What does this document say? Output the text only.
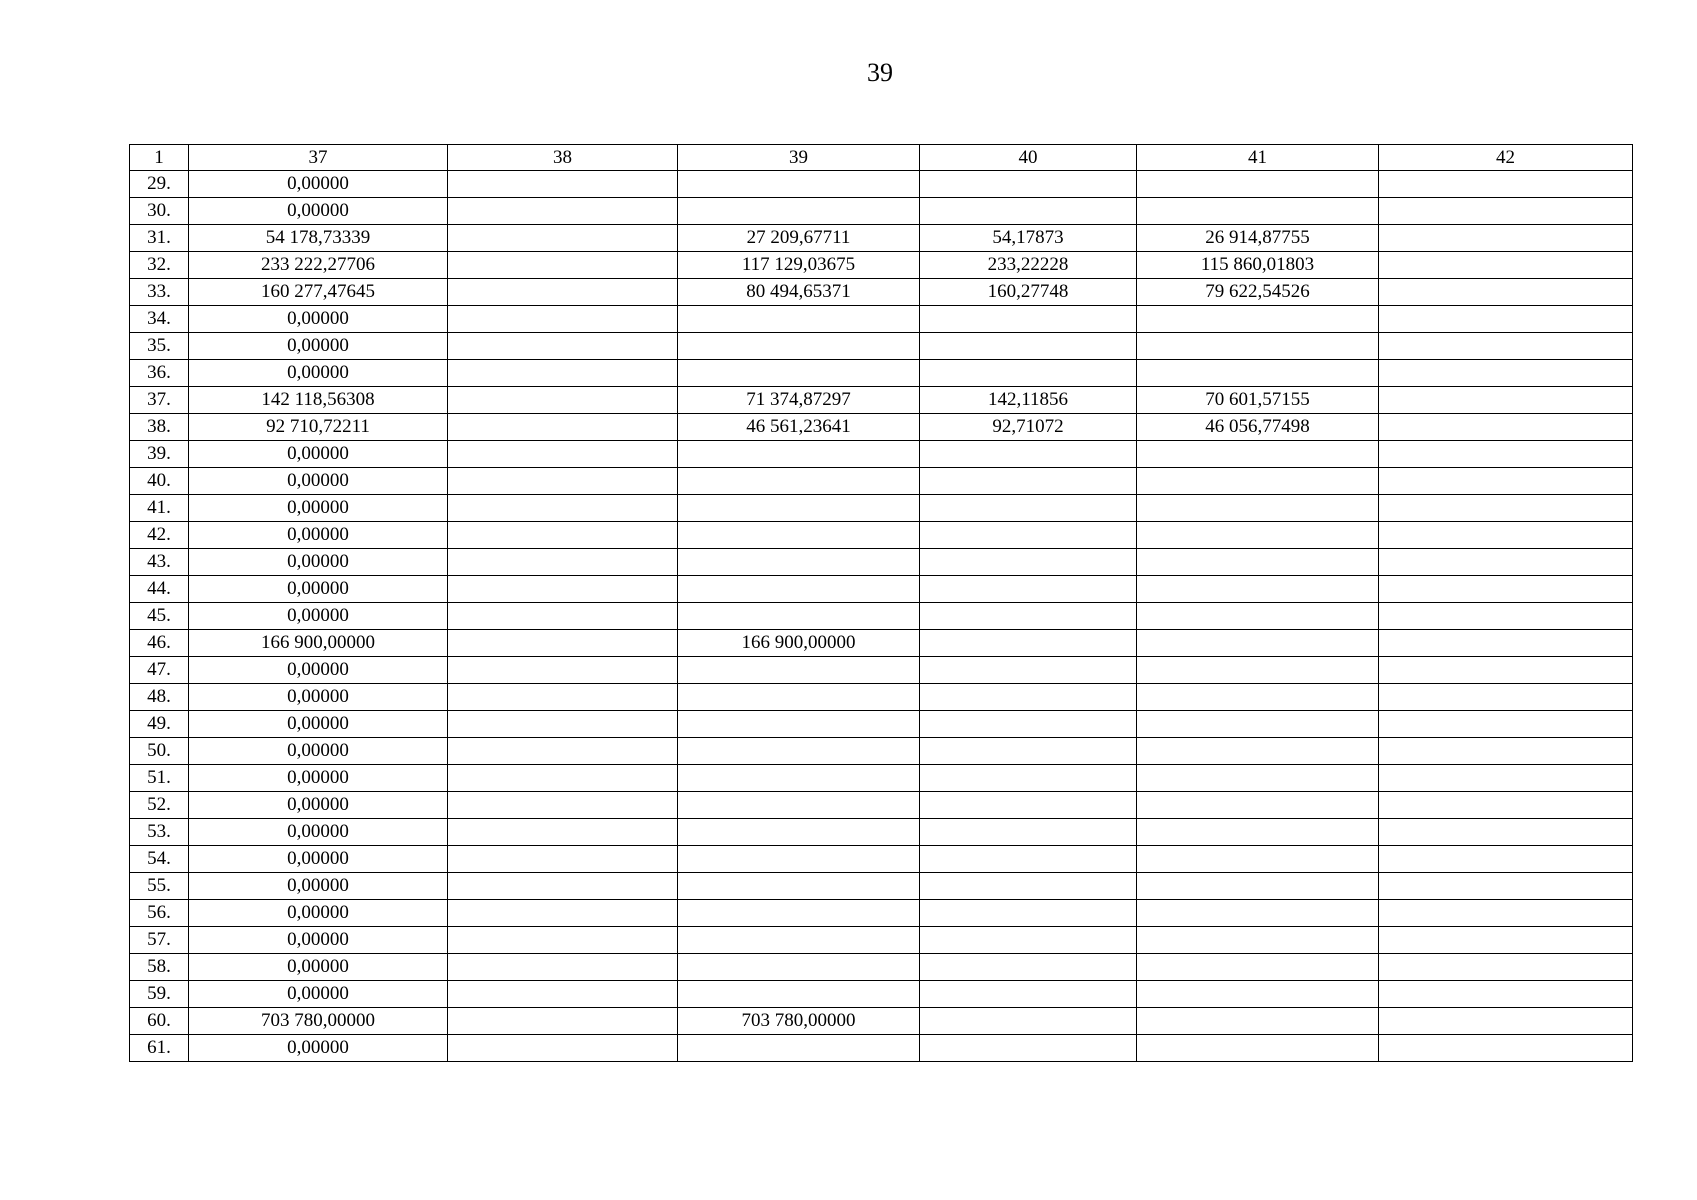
39
1	37	38	39	40	41	42
29.	0,00000					
30.	0,00000					
31.	54 178,73339		27 209,67711	54,17873	26 914,87755	
32.	233 222,27706		117 129,03675	233,22228	115 860,01803	
33.	160 277,47645		80 494,65371	160,27748	79 622,54526	
34.	0,00000					
35.	0,00000					
36.	0,00000					
37.	142 118,56308		71 374,87297	142,11856	70 601,57155	
38.	92 710,72211		46 561,23641	92,71072	46 056,77498	
39.	0,00000					
40.	0,00000					
41.	0,00000					
42.	0,00000					
43.	0,00000					
44.	0,00000					
45.	0,00000					
46.	166 900,00000		166 900,00000			
47.	0,00000					
48.	0,00000					
49.	0,00000					
50.	0,00000					
51.	0,00000					
52.	0,00000					
53.	0,00000					
54.	0,00000					
55.	0,00000					
56.	0,00000					
57.	0,00000					
58.	0,00000					
59.	0,00000					
60.	703 780,00000		703 780,00000			
61.	0,00000					
